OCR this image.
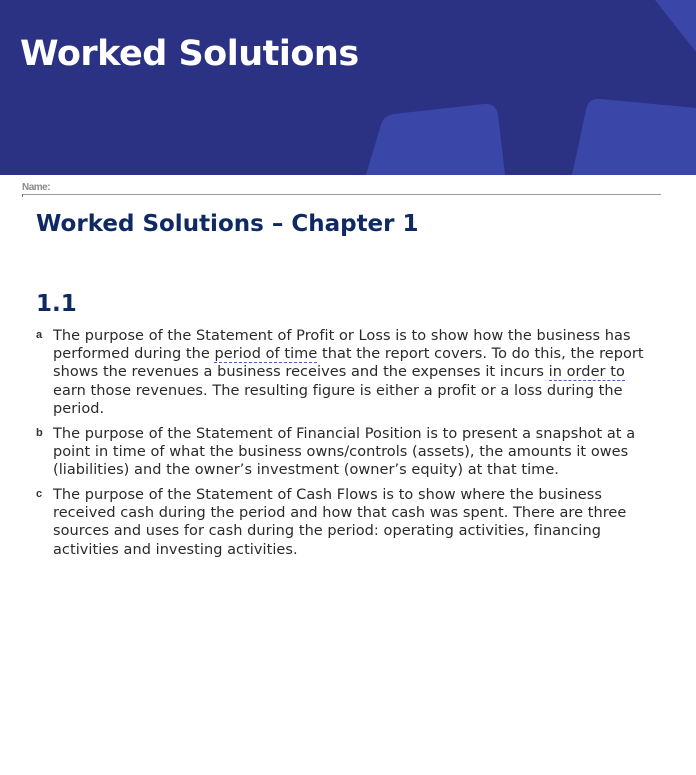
Worked Solutions
Name:
Worked Solutions – Chapter 1
1.1
a The purpose of the Statement of Profit or Loss is to show how the business has performed during the period of time that the report covers. To do this, the report shows the revenues a business receives and the expenses it incurs in order to earn those revenues. The resulting figure is either a profit or a loss during the period.
b The purpose of the Statement of Financial Position is to present a snapshot at a point in time of what the business owns/controls (assets), the amounts it owes (liabilities) and the owner’s investment (owner’s equity) at that time.
c The purpose of the Statement of Cash Flows is to show where the business received cash during the period and how that cash was spent. There are three sources and uses for cash during the period: operating activities, financing activities and investing activities.
